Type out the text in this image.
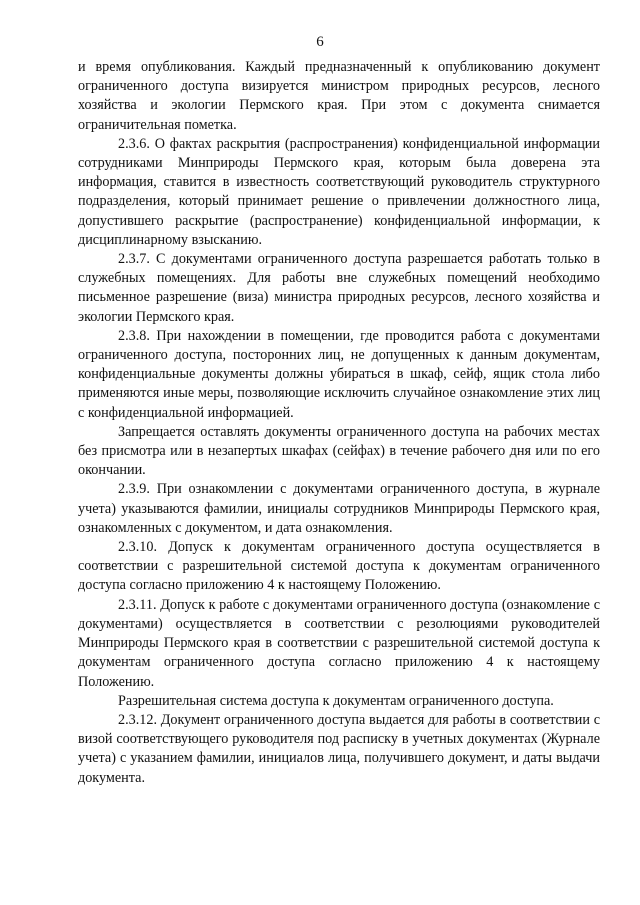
6

и время опубликования. Каждый предназначенный к опубликованию документ ограниченного доступа визируется министром природных ресурсов, лесного хозяйства и экологии Пермского края. При этом с документа снимается ограничительная пометка.

2.3.6. О фактах раскрытия (распространения) конфиденциальной информации сотрудниками Минприроды Пермского края, которым была доверена эта информация, ставится в известность соответствующий руководитель структурного подразделения, который принимает решение о привлечении должностного лица, допустившего раскрытие (распространение) конфиденциальной информации, к дисциплинарному взысканию.

2.3.7. С документами ограниченного доступа разрешается работать только в служебных помещениях. Для работы вне служебных помещений необходимо письменное разрешение (виза) министра природных ресурсов, лесного хозяйства и экологии Пермского края.

2.3.8. При нахождении в помещении, где проводится работа с документами ограниченного доступа, посторонних лиц, не допущенных к данным документам, конфиденциальные документы должны убираться в шкаф, сейф, ящик стола либо применяются иные меры, позволяющие исключить случайное ознакомление этих лиц с конфиденциальной информацией.

Запрещается оставлять документы ограниченного доступа на рабочих местах без присмотра или в незапертых шкафах (сейфах) в течение рабочего дня или по его окончании.

2.3.9. При ознакомлении с документами ограниченного доступа, в журнале учета) указываются фамилии, инициалы сотрудников Минприроды Пермского края, ознакомленных с документом, и дата ознакомления.

2.3.10. Допуск к документам ограниченного доступа осуществляется в соответствии с разрешительной системой доступа к документам ограниченного доступа согласно приложению 4 к настоящему Положению.

2.3.11. Допуск к работе с документами ограниченного доступа (ознакомление с документами) осуществляется в соответствии с резолюциями руководителей Минприроды Пермского края в соответствии с разрешительной системой доступа к документам ограниченного доступа согласно приложению 4 к настоящему Положению.

Разрешительная система доступа к документам ограниченного доступа.

2.3.12. Документ ограниченного доступа выдается для работы в соответствии с визой соответствующего руководителя под расписку в учетных документах (Журнале учета) с указанием фамилии, инициалов лица, получившего документ, и даты выдачи документа.
